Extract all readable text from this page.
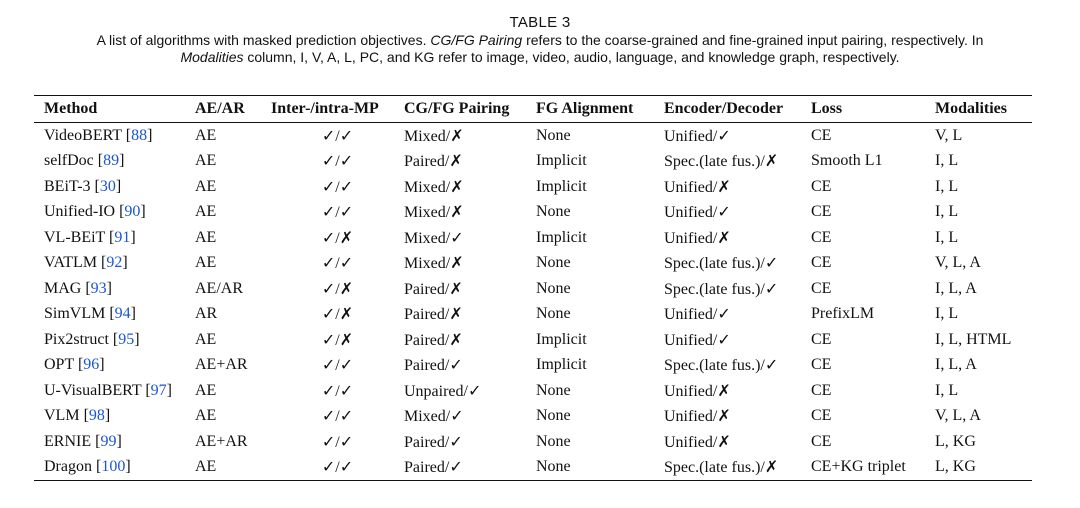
TABLE 3
A list of algorithms with masked prediction objectives. CG/FG Pairing refers to the coarse-grained and fine-grained input pairing, respectively. In
Modalities column, I, V, A, L, PC, and KG refer to image, video, audio, language, and knowledge graph, respectively.
Method	AE/AR	Inter-/intra-MP	CG/FG Pairing	FG Alignment	Encoder/Decoder	Loss	Modalities
VideoBERT [88]	AE	✓/✓	Mixed/✗	None	Unified/✓	CE	V, L
selfDoc [89]	AE	✓/✓	Paired/✗	Implicit	Spec.(late fus.)/✗	Smooth L1	I, L
BEiT-3 [30]	AE	✓/✓	Mixed/✗	Implicit	Unified/✗	CE	I, L
Unified-IO [90]	AE	✓/✓	Mixed/✗	None	Unified/✓	CE	I, L
VL-BEiT [91]	AE	✓/✗	Mixed/✓	Implicit	Unified/✗	CE	I, L
VATLM [92]	AE	✓/✓	Mixed/✗	None	Spec.(late fus.)/✓	CE	V, L, A
MAG [93]	AE/AR	✓/✗	Paired/✗	None	Spec.(late fus.)/✓	CE	I, L, A
SimVLM [94]	AR	✓/✗	Paired/✗	None	Unified/✓	PrefixLM	I, L
Pix2struct [95]	AE	✓/✗	Paired/✗	Implicit	Unified/✓	CE	I, L, HTML
OPT [96]	AE+AR	✓/✓	Paired/✓	Implicit	Spec.(late fus.)/✓	CE	I, L, A
U-VisualBERT [97]	AE	✓/✓	Unpaired/✓	None	Unified/✗	CE	I, L
VLM [98]	AE	✓/✓	Mixed/✓	None	Unified/✗	CE	V, L, A
ERNIE [99]	AE+AR	✓/✓	Paired/✓	None	Unified/✗	CE	L, KG
Dragon [100]	AE	✓/✓	Paired/✓	None	Spec.(late fus.)/✗	CE+KG triplet	L, KG
